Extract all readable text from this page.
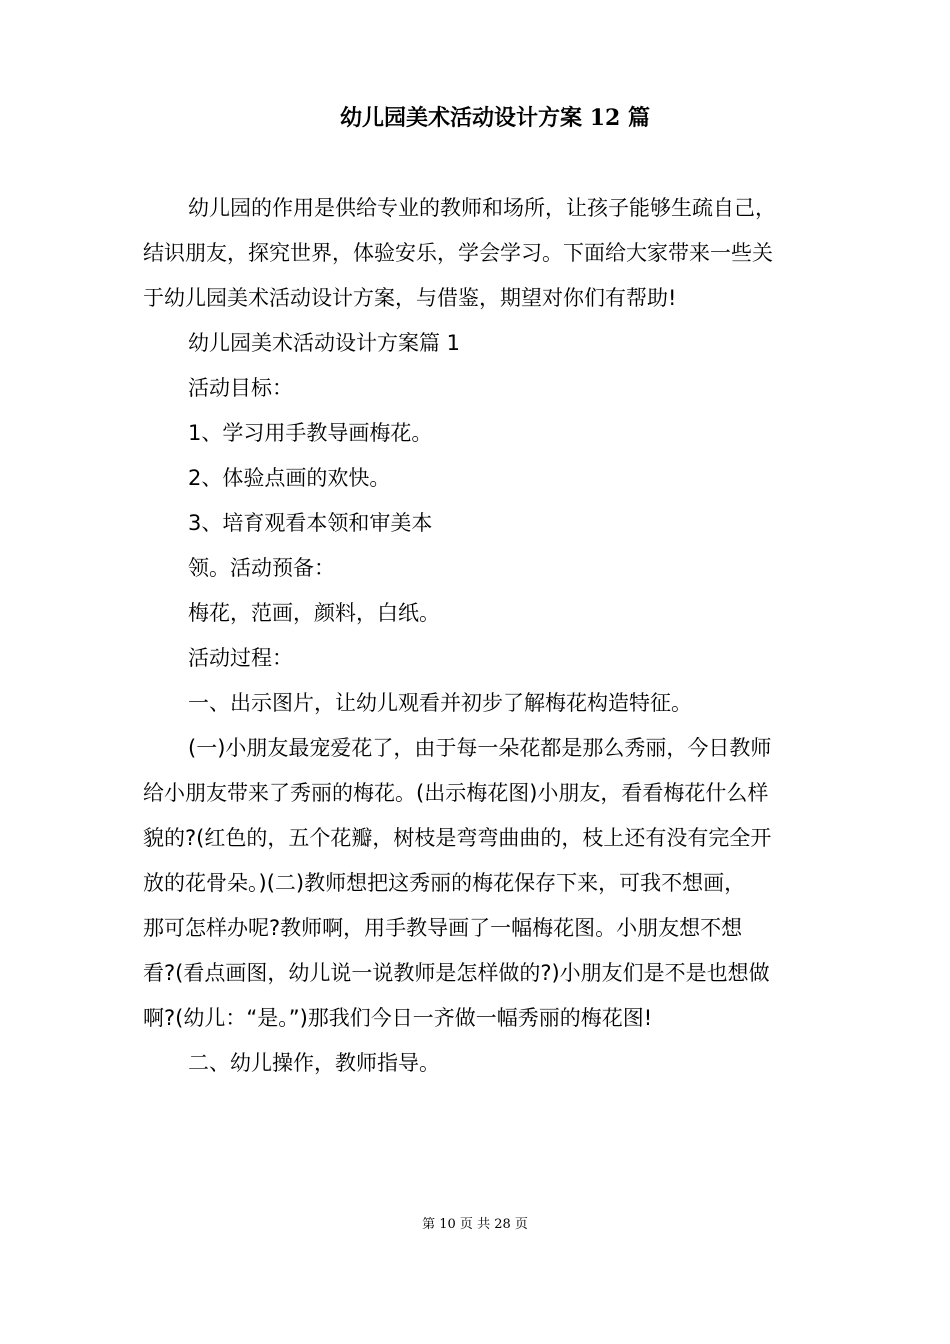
幼儿园美术活动设计方案 12 篇

幼儿园的作用是供给专业的教师和场所，让孩子能够生疏自己，

结识朋友，探究世界，体验安乐，学会学习。下面给大家带来一些关

于幼儿园美术活动设计方案，与借鉴，期望对你们有帮助!

幼儿园美术活动设计方案篇 1

活动目标：

1、学习用手教导画梅花。

2、体验点画的欢快。

3、培育观看本领和审美本

领。活动预备：

梅花，范画，颜料，白纸。

活动过程：

一、出示图片，让幼儿观看并初步了解梅花构造特征。

(一)小朋友最宠爱花了，由于每一朵花都是那么秀丽，今日教师

给小朋友带来了秀丽的梅花。(出示梅花图)小朋友，看看梅花什么样

貌的?(红色的，五个花瓣，树枝是弯弯曲曲的，枝上还有没有完全开

放的花骨朵。)(二)教师想把这秀丽的梅花保存下来，可我不想画，

那可怎样办呢?教师啊，用手教导画了一幅梅花图。小朋友想不想

看?(看点画图，幼儿说一说教师是怎样做的?)小朋友们是不是也想做

啊?(幼儿：“是。”)那我们今日一齐做一幅秀丽的梅花图!

二、幼儿操作，教师指导。

第 10 页 共 28 页
